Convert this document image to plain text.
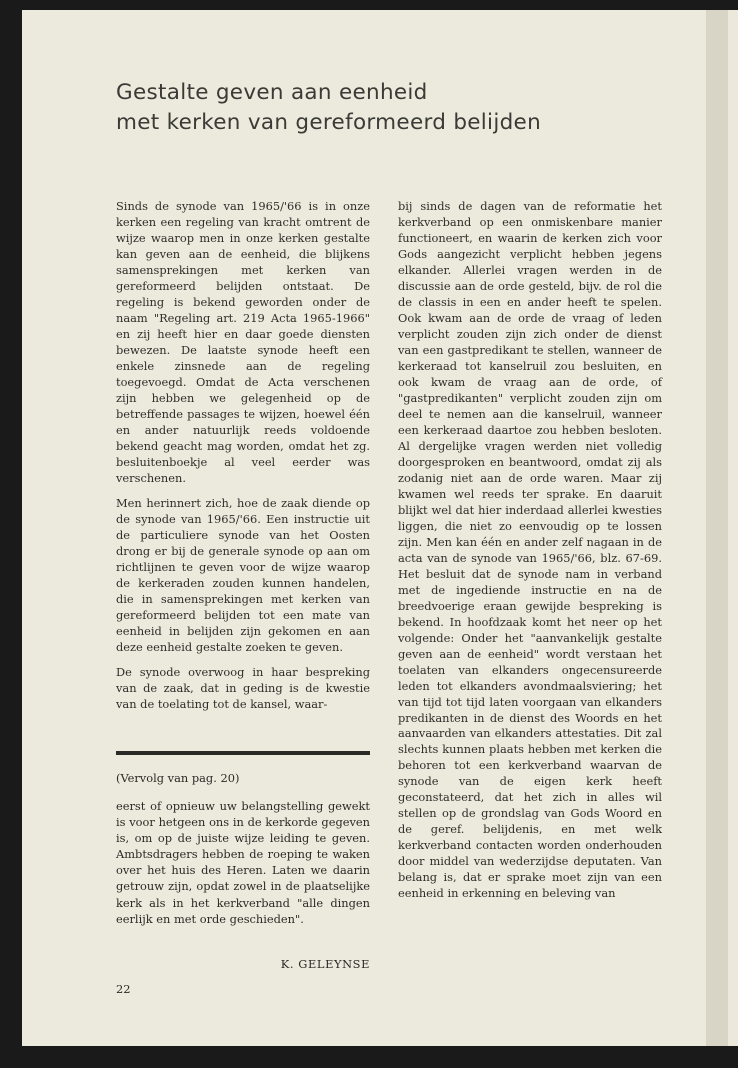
Gestalte geven aan eenheid
met kerken van gereformeerd belijden

Sinds de synode van 1965/'66 is in onze kerken een regeling van kracht omtrent de wijze waarop men in onze kerken gestalte kan geven aan de eenheid, die blijkens samensprekingen met kerken van gereformeerd belijden ontstaat. De regeling is bekend geworden onder de naam "Regeling art. 219 Acta 1965-1966" en zij heeft hier en daar goede diensten bewezen. De laatste synode heeft een enkele zinsnede aan de regeling toegevoegd. Omdat de Acta verschenen zijn hebben we gelegenheid op de betreffende passages te wijzen, hoewel één en ander natuurlijk reeds voldoende bekend geacht mag worden, omdat het zg. besluitenboekje al veel eerder was verschenen.

Men herinnert zich, hoe de zaak diende op de synode van 1965/'66. Een instructie uit de particuliere synode van het Oosten drong er bij de generale synode op aan om richtlijnen te geven voor de wijze waarop de kerkeraden zouden kunnen handelen, die in samensprekingen met kerken van gereformeerd belijden tot een mate van eenheid in belijden zijn gekomen en aan deze eenheid gestalte zoeken te geven.

De synode overwoog in haar bespreking van de zaak, dat in geding is de kwestie van de toelating tot de kansel, waar-

(Vervolg van pag. 20)

eerst of opnieuw uw belangstelling gewekt is voor hetgeen ons in de kerkorde gegeven is, om op de juiste wijze leiding te geven. Ambtsdragers hebben de roeping te waken over het huis des Heren. Laten we daarin getrouw zijn, opdat zowel in de plaatselijke kerk als in het kerkverband "alle dingen eerlijk en met orde geschieden".

K. GELEYNSE

22

bij sinds de dagen van de reformatie het kerkverband op een onmiskenbare manier functioneert, en waarin de kerken zich voor Gods aangezicht verplicht hebben jegens elkander. Allerlei vragen werden in de discussie aan de orde gesteld, bijv. de rol die de classis in een en ander heeft te spelen. Ook kwam aan de orde de vraag of leden verplicht zouden zijn zich onder de dienst van een gastpredikant te stellen, wanneer de kerkeraad tot kanselruil zou besluiten, en ook kwam de vraag aan de orde, of "gastpredikanten" verplicht zouden zijn om deel te nemen aan die kanselruil, wanneer een kerkeraad daartoe zou hebben besloten. Al dergelijke vragen werden niet volledig doorgesproken en beantwoord, omdat zij als zodanig niet aan de orde waren. Maar zij kwamen wel reeds ter sprake. En daaruit blijkt wel dat hier inderdaad allerlei kwesties liggen, die niet zo eenvoudig op te lossen zijn. Men kan één en ander zelf nagaan in de acta van de synode van 1965/'66, blz. 67-69. Het besluit dat de synode nam in verband met de ingediende instructie en na de breedvoerige eraan gewijde bespreking is bekend. In hoofdzaak komt het neer op het volgende: Onder het "aanvankelijk gestalte geven aan de eenheid" wordt verstaan het toelaten van elkanders ongecensureerde leden tot elkanders avondmaalsviering; het van tijd tot tijd laten voorgaan van elkanders predikanten in de dienst des Woords en het aanvaarden van elkanders attestaties. Dit zal slechts kunnen plaats hebben met kerken die behoren tot een kerkverband waarvan de synode van de eigen kerk heeft geconstateerd, dat het zich in alles wil stellen op de grondslag van Gods Woord en de geref. belijdenis, en met welk kerkverband contacten worden onderhouden door middel van wederzijdse deputaten. Van belang is, dat er sprake moet zijn van een eenheid in erkenning en beleving van
